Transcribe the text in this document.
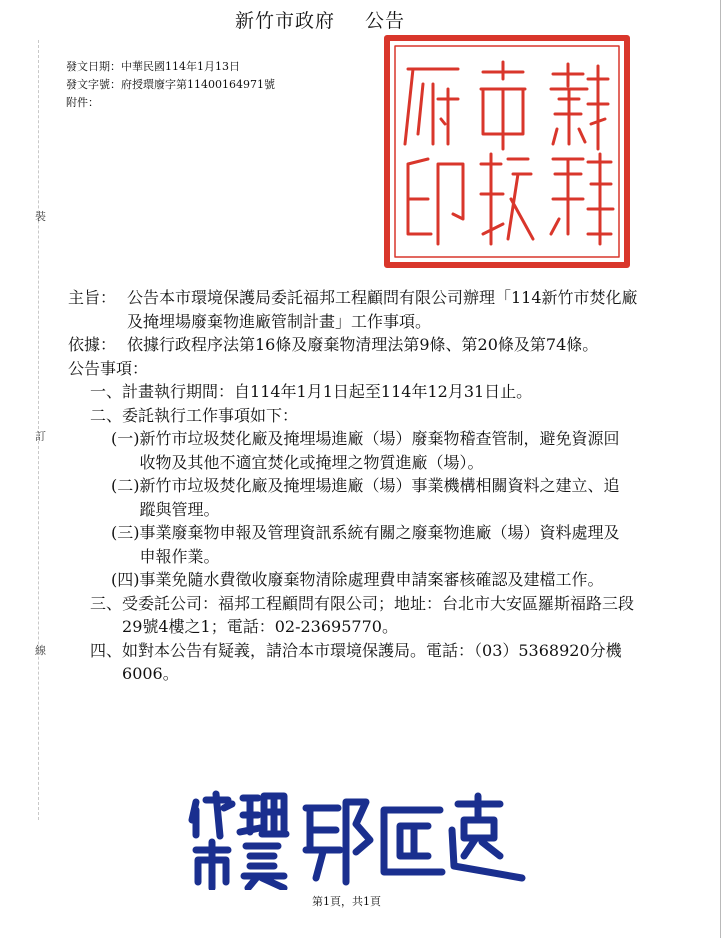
新竹市政府 公告
發文日期：中華民國114年1月13日
發文字號：府授環廢字第11400164971號
附件：
裝
訂
線
主旨： 公告本市環境保護局委託福邦工程顧問有限公司辦理「114新竹市焚化廠及掩埋場廢棄物進廠管制計畫」工作事項。
依據： 依據行政程序法第16條及廢棄物清理法第9條、第20條及第74條。
公告事項：
一、 計畫執行期間：自114年1月1日起至114年12月31日止。
二、 委託執行工作事項如下：
(一) 新竹市垃圾焚化廠及掩埋場進廠（場）廢棄物稽查管制，避免資源回收物及其他不適宜焚化或掩埋之物質進廠（場）。
(二) 新竹市垃圾焚化廠及掩埋場進廠（場）事業機構相關資料之建立、追蹤與管理。
(三) 事業廢棄物申報及管理資訊系統有關之廢棄物進廠（場）資料處理及申報作業。
(四) 事業免隨水費徵收廢棄物清除處理費申請案審核確認及建檔工作。
三、 受委託公司：福邦工程顧問有限公司；地址：台北市大安區羅斯福路三段29號4樓之1；電話：02-23695770。
四、 如對本公告有疑義，請洽本市環境保護局。電話：（03）5368920分機6006。
第1頁，共1頁
